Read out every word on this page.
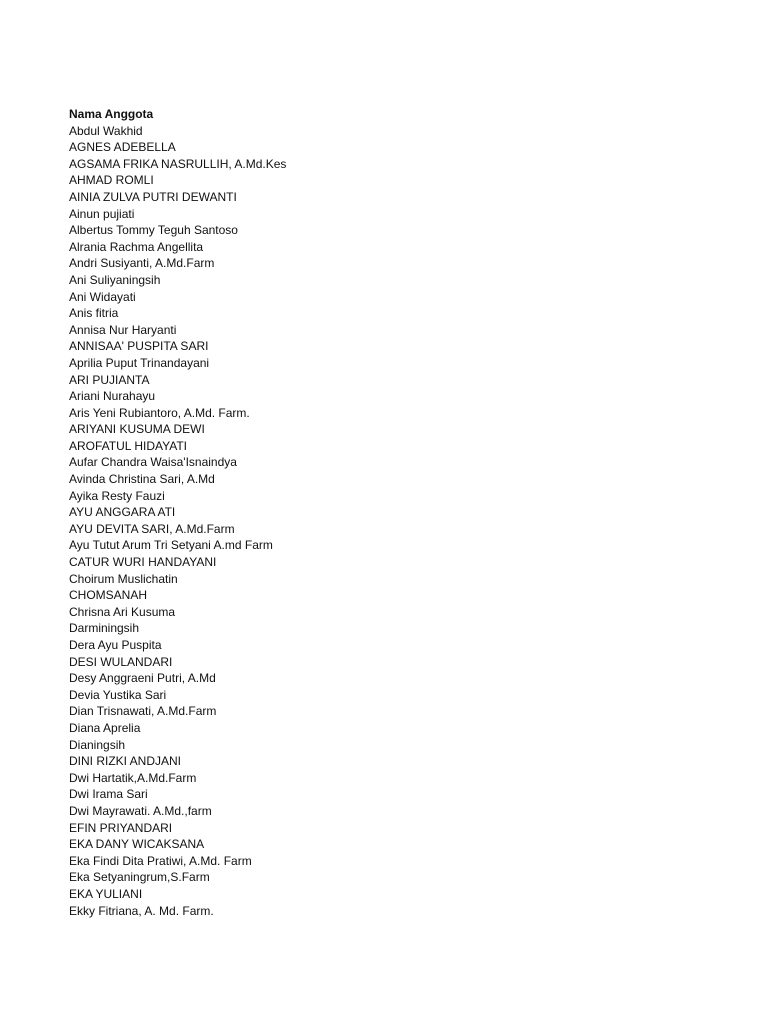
Nama Anggota
Abdul Wakhid
AGNES ADEBELLA
AGSAMA FRIKA NASRULLIH, A.Md.Kes
AHMAD ROMLI
AINIA ZULVA PUTRI DEWANTI
Ainun pujiati
Albertus Tommy Teguh Santoso
Alrania Rachma Angellita
Andri Susiyanti, A.Md.Farm
Ani Suliyaningsih
Ani Widayati
Anis fitria
Annisa Nur Haryanti
ANNISAA' PUSPITA SARI
Aprilia Puput Trinandayani
ARI PUJIANTA
Ariani Nurahayu
Aris Yeni Rubiantoro, A.Md. Farm.
ARIYANI KUSUMA DEWI
AROFATUL HIDAYATI
Aufar Chandra Waisa'Isnaindya
Avinda Christina Sari, A.Md
Ayika Resty Fauzi
AYU ANGGARA ATI
AYU DEVITA SARI, A.Md.Farm
Ayu Tutut Arum Tri Setyani A.md Farm
CATUR WURI HANDAYANI
Choirum Muslichatin
CHOMSANAH
Chrisna Ari Kusuma
Darminingsih
Dera Ayu Puspita
DESI WULANDARI
Desy Anggraeni Putri, A.Md
Devia Yustika Sari
Dian Trisnawati, A.Md.Farm
Diana Aprelia
Dianingsih
DINI RIZKI ANDJANI
Dwi Hartatik,A.Md.Farm
Dwi Irama Sari
Dwi Mayrawati. A.Md.,farm
EFIN PRIYANDARI
EKA DANY WICAKSANA
Eka Findi Dita Pratiwi, A.Md. Farm
Eka Setyaningrum,S.Farm
EKA YULIANI
Ekky Fitriana, A. Md. Farm.
